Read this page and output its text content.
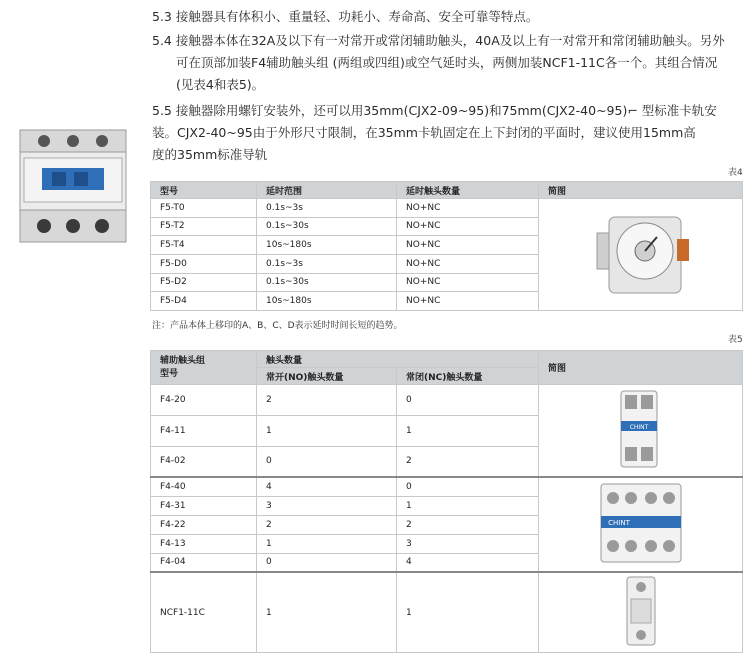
5.3 接触器具有体积小、重量轻、功耗小、寿命高、安全可靠等特点。
5.4 接触器本体在32A及以下有一对常开或常闭辅助触头，40A及以上有一对常开和常闭辅助触头。另外
可在顶部加装F4辅助触头组 (两组或四组)或空气延时头，两侧加装NCF1-11C各一个。其组合情况
(见表4和表5)。
5.5 接触器除用螺钉安装外，还可以用35mm(CJX2-09~95)和75mm(CJX2-40~95)⌐ 型标准卡轨安
装。CJX2-40~95由于外形尺寸限制，在35mm卡轨固定在上下封闭的平面时，建议使用15mm高
度的35mm标准导轨
表4
型号	延时范围	延时触头数量	简图
F5-T0	0.1s~3s	NO+NC	
F5-T2	0.1s~30s	NO+NC	
F5-T4	10s~180s	NO+NC	
F5-D0	0.1s~3s	NO+NC	
F5-D2	0.1s~30s	NO+NC	
F5-D4	10s~180s	NO+NC	
注：产品本体上移印的A、B、C、D表示延时时间长短的趋势。
表5
辅助触头组
型号	触头数量		简图
	常开(NO)触头数量	常闭(NC)触头数量	
F4-20	2	0	CHINT

F4-11	1	1	
F4-02	0	2	
F4-40	4	0	CHINT

F4-31	3	1	
F4-22	2	2	
F4-13	1	3	
F4-04	0	4	
NCF1-11C	1	1	
